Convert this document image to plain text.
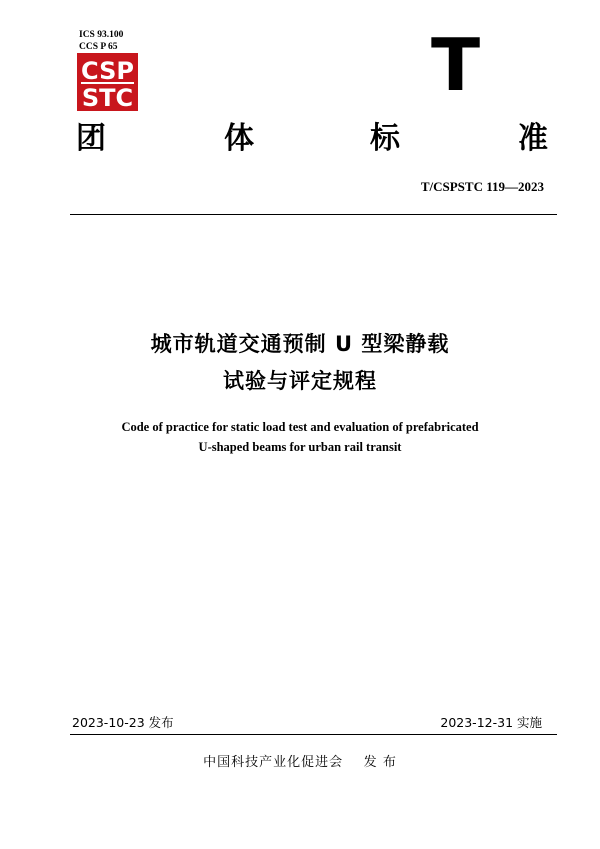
ICS 93.100
CCS P 65
CSP
STC	T
团	体	标	准
T/CSPSTC 119—2023
城市轨道交通预制 U 型梁静载
试验与评定规程
Code of practice for static load test and evaluation of prefabricated
U-shaped beams for urban rail transit
2023-10-23 发布	2023-12-31 实施
中国科技产业化促进会    发 布
